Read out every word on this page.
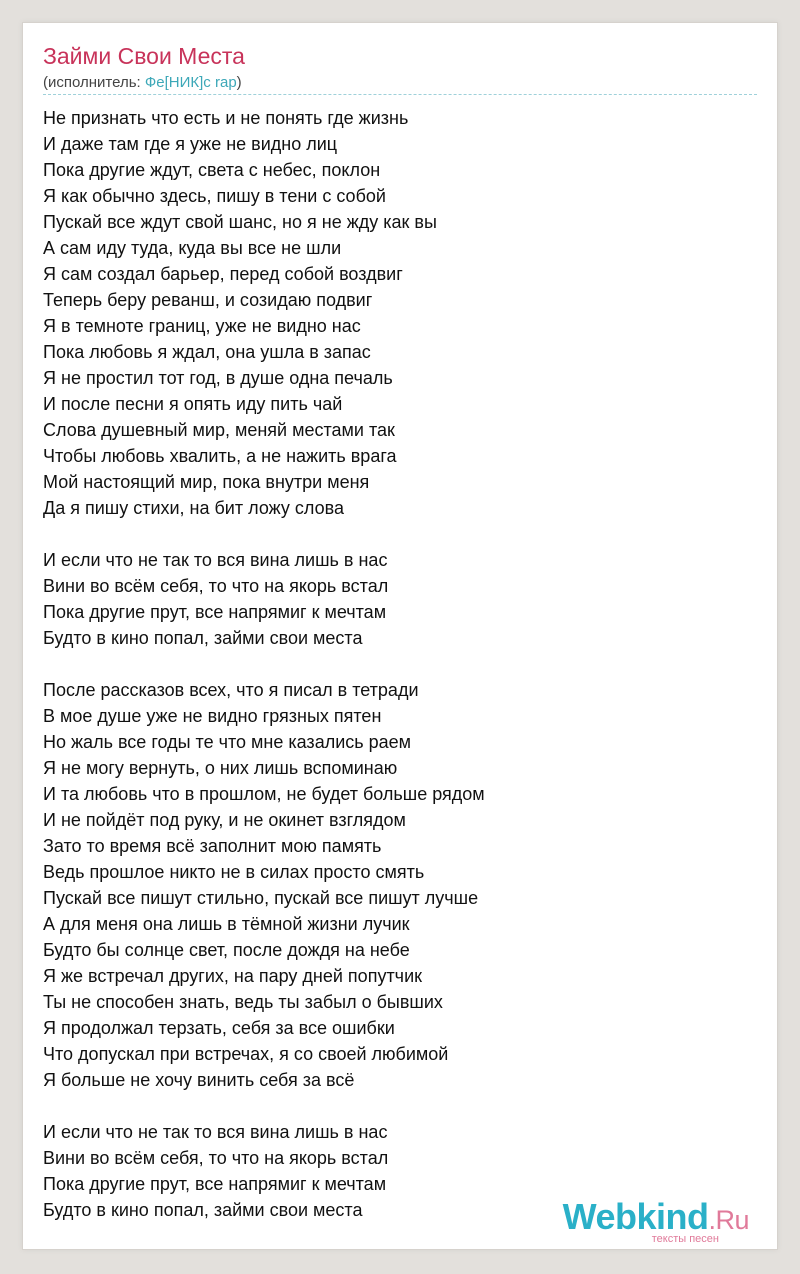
Займи Свои Места
(исполнитель: Фе[НИК]с rap)
Не признать что есть и не понять где жизнь
И даже там где я уже не видно лиц
Пока другие ждут, света с небес, поклон
Я как обычно здесь, пишу в тени с собой
Пускай все ждут свой шанс, но я не жду как вы
А сам иду туда, куда вы все не шли
Я сам создал барьер, перед собой воздвиг
Теперь беру реванш, и созидаю подвиг
Я в темноте границ, уже не видно нас
Пока любовь я ждал, она ушла в запас
Я не простил тот год, в душе одна печаль
И после песни я опять иду пить чай
Слова душевный мир, меняй местами так
Чтобы любовь хвалить, а не нажить врага
Мой настоящий мир, пока внутри меня
Да я пишу стихи, на бит ложу слова
И если что не так то вся вина лишь в нас
Вини во всём себя, то что на якорь встал
Пока другие прут, все напрямиг к мечтам
Будто в кино попал, займи свои места
После рассказов всех, что я писал в тетради
В мое душе уже не видно грязных пятен
Но жаль все годы те что мне казались раем
Я не могу вернуть, о них лишь вспоминаю
И та любовь что в прошлом, не будет больше рядом
И не пойдёт под руку, и не окинет взглядом
Зато то время всё заполнит мою память
Ведь прошлое никто не в силах просто смять
Пускай все пишут стильно, пускай все пишут лучше
А для меня она лишь в тёмной жизни лучик
Будто бы солнце свет, после дождя на небе
Я же встречал других, на пару дней попутчик
Ты не способен знать, ведь ты забыл о бывших
Я продолжал терзать, себя за все ошибки
Что допускал при встречах, я со своей любимой
Я больше не хочу винить себя за всё
И если что не так то вся вина лишь в нас
Вини во всём себя, то что на якорь встал
Пока другие прут, все напрямиг к мечтам
Будто в кино попал, займи свои места	Webkind.Ru
тексты песен
